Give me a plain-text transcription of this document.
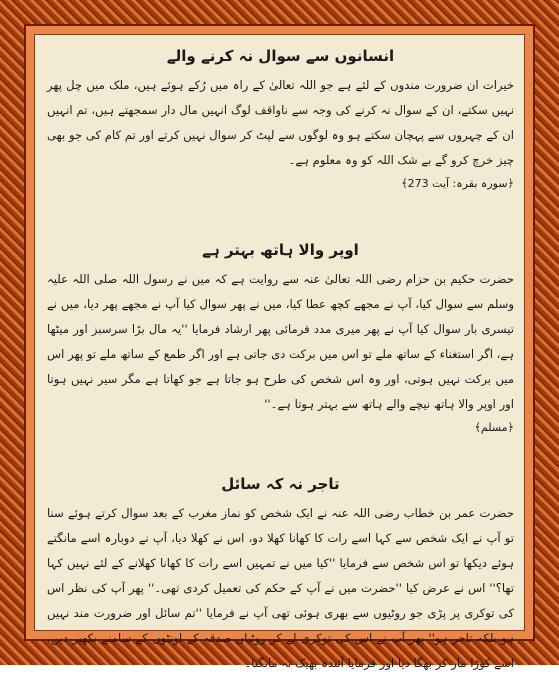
انسانوں سے سوال نہ کرنے والے

خیرات ان ضرورت مندوں کے لئے ہے جو اللہ تعالیٰ کے راہ میں رُکے ہوئے ہیں، ملک میں چل پھر نہیں سکتے، ان کے سوال نہ کرنے کی وجہ سے ناواقف لوگ انہیں مال دار سمجھتے ہیں، تم انہیں ان کے چہروں سے پہچان سکتے ہو وہ لوگوں سے لپٹ کر سوال نہیں کرتے اور تم کام کی جو بھی چیز خرچ کرو گے بے شک اللہ کو وہ معلوم ہے۔

﴿سورہ بقرہ: آیت 273﴾

اوپر والا ہاتھ بہتر ہے

حضرت حکیم بن حزام رضی اللہ تعالیٰ عنہ سے روایت ہے کہ میں نے رسول اللہ صلی اللہ علیہ وسلم سے سوال کیا، آپ نے مجھے کچھ عطا کیا، میں نے پھر سوال کیا آپ نے مجھے پھر دیا، میں نے تیسری بار سوال کیا آپ نے پھر میری مدد فرمائی پھر ارشاد فرمایا ''یہ مال بڑا سرسبز اور میٹھا ہے، اگر استغناء کے ساتھ ملے تو اس میں برکت دی جاتی ہے اور اگر طمع کے ساتھ ملے تو پھر اس میں برکت نہیں ہوتی، اور وہ اس شخص کی طرح ہو جاتا ہے جو کھاتا ہے مگر سیر نہیں ہوتا اور اوپر والا ہاتھ نیچے والے ہاتھ سے بہتر ہوتا ہے۔''

﴿مسلم﴾

تاجر نہ کہ سائل

حضرت عمر بن خطاب رضی اللہ عنہ نے ایک شخص کو نماز مغرب کے بعد سوال کرتے ہوئے سنا تو آپ نے ایک شخص سے کہا اسے رات کا کھانا کھلا دو، اس نے کھلا دیا، آپ نے دوبارہ اسے مانگتے ہوئے دیکھا تو اس شخص سے فرمایا ''کیا میں نے تمہیں اسے رات کا کھانا کھلانے کے لئے نہیں کہا تھا؟'' اس نے عرض کیا ''حضرت میں نے آپ کے حکم کی تعمیل کردی تھی۔'' پھر آپ کی نظر اس کی توکری پر پڑی جو روٹیوں سے بھری ہوئی تھی آپ نے فرمایا ''تم سائل اور ضرورت مند نہیں ہو بلکہ تاجر ہو'' پھر آپ نے اس کی توکری لے کر روٹیاں صدقہ کے اونٹوں کے سامنے بکھیر دیں، اسے کوڑا مار کر بھگا دیا اور فرمایا آئندہ بھیک نہ مانگنا۔
